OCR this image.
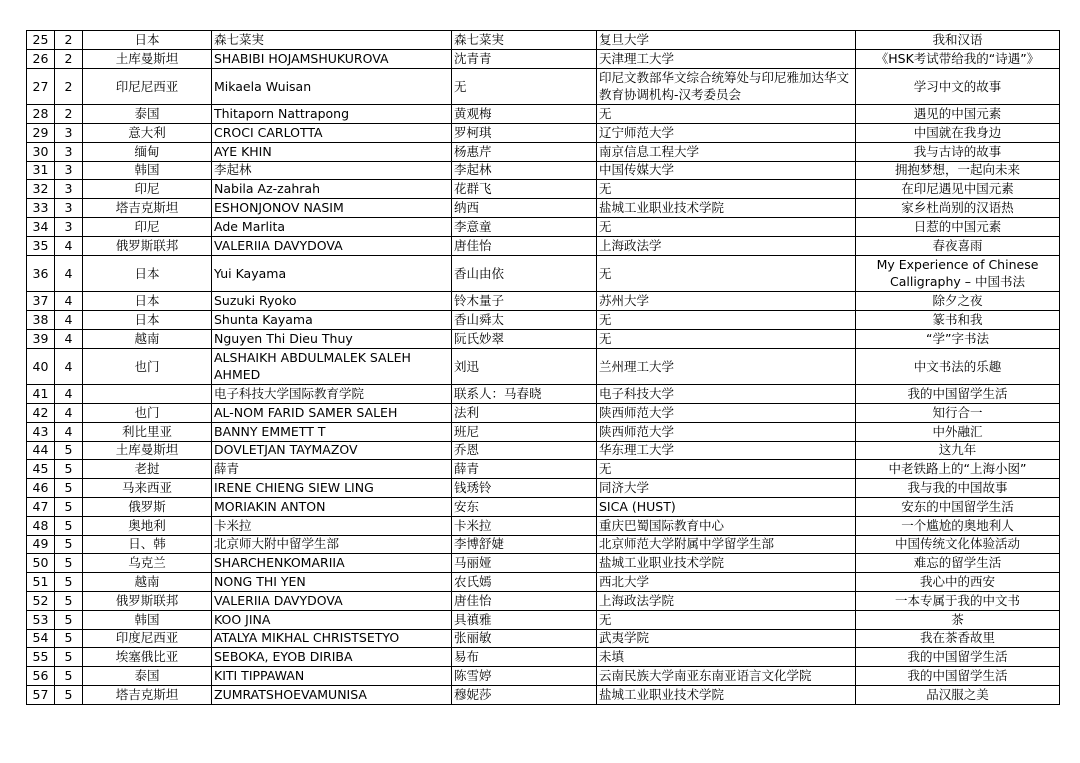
25	2	日本	森七菜実	森七菜実	复旦大学	我和汉语
26	2	土库曼斯坦	SHABIBI HOJAMSHUKUROVA	沈青青	天津理工大学	《HSK考试带给我的“诗遇”》
27	2	印尼尼西亚	Mikaela Wuisan	无	印尼文教部华文综合统筹处与印尼雅加达华文教育协调机构-汉考委员会	学习中文的故事
28	2	泰国	Thitaporn Nattrapong	黄观梅	无	遇见的中国元素
29	3	意大利	CROCI CARLOTTA	罗柯琪	辽宁师范大学	中国就在我身边
30	3	缅甸	AYE KHIN	杨惠芹	南京信息工程大学	我与古诗的故事
31	3	韩国	李起林	李起林	中国传媒大学	拥抱梦想，一起向未来
32	3	印尼	Nabila Az-zahrah	花群飞	无	在印尼遇见中国元素
33	3	塔吉克斯坦	ESHONJONOV NASIM	纳西	盐城工业职业技术学院	家乡杜尚别的汉语热
34	3	印尼	Ade Marlita	李意童	无	日惹的中国元素
35	4	俄罗斯联邦	VALERIIA DAVYDOVA	唐佳怡	上海政法学	春夜喜雨
36	4	日本	Yui Kayama	香山由依	无	My Experience of Chinese Calligraphy – 中国书法
37	4	日本	Suzuki Ryoko	铃木量子	苏州大学	除夕之夜
38	4	日本	Shunta Kayama	香山舜太	无	篆书和我
39	4	越南	Nguyen Thi Dieu Thuy	阮氏妙翠	无	“学”字书法
40	4	也门	ALSHAIKH ABDULMALEK SALEH AHMED	刘迅	兰州理工大学	中文书法的乐趣
41	4		电子科技大学国际教育学院	联系人：马春晓	电子科技大学	我的中国留学生活
42	4	也门	AL-NOM FARID SAMER SALEH	法利	陕西师范大学	知行合一
43	4	利比里亚	BANNY EMMETT T	班尼	陕西师范大学	中外融汇
44	5	土库曼斯坦	DOVLETJAN TAYMAZOV	乔恩	华东理工大学	这九年
45	5	老挝	薛青	薛青	无	中老铁路上的“上海小囡”
46	5	马来西亚	IRENE CHIENG SIEW LING	钱琇铃	同济大学	我与我的中国故事
47	5	俄罗斯	MORIAKIN ANTON	安东	SICA (HUST)	安东的中国留学生活
48	5	奥地利	卡米拉	卡米拉	重庆巴蜀国际教育中心	一个尴尬的奥地利人
49	5	日、韩	北京师大附中留学生部	李博舒婕	北京师范大学附属中学留学生部	中国传统文化体验活动
50	5	乌克兰	SHARCHENKOMARIIA	马丽娅	盐城工业职业技术学院	难忘的留学生活
51	5	越南	NONG THI YEN	农氏嫣	西北大学	我心中的西安
52	5	俄罗斯联邦	VALERIIA DAVYDOVA	唐佳怡	上海政法学院	一本专属于我的中文书
53	5	韩国	KOO JINA	具禛雅	无	茶
54	5	印度尼西亚	ATALYA MIKHAL CHRISTSETYO	张丽敏	武夷学院	我在茶香故里
55	5	埃塞俄比亚	SEBOKA, EYOB DIRIBA	易布	未填	我的中国留学生活
56	5	泰国	KITI TIPPAWAN	陈雪婷	云南民族大学南亚东南亚语言文化学院	我的中国留学生活
57	5	塔吉克斯坦	ZUMRATSHOEVAMUNISA	穆妮莎	盐城工业职业技术学院	品汉服之美
